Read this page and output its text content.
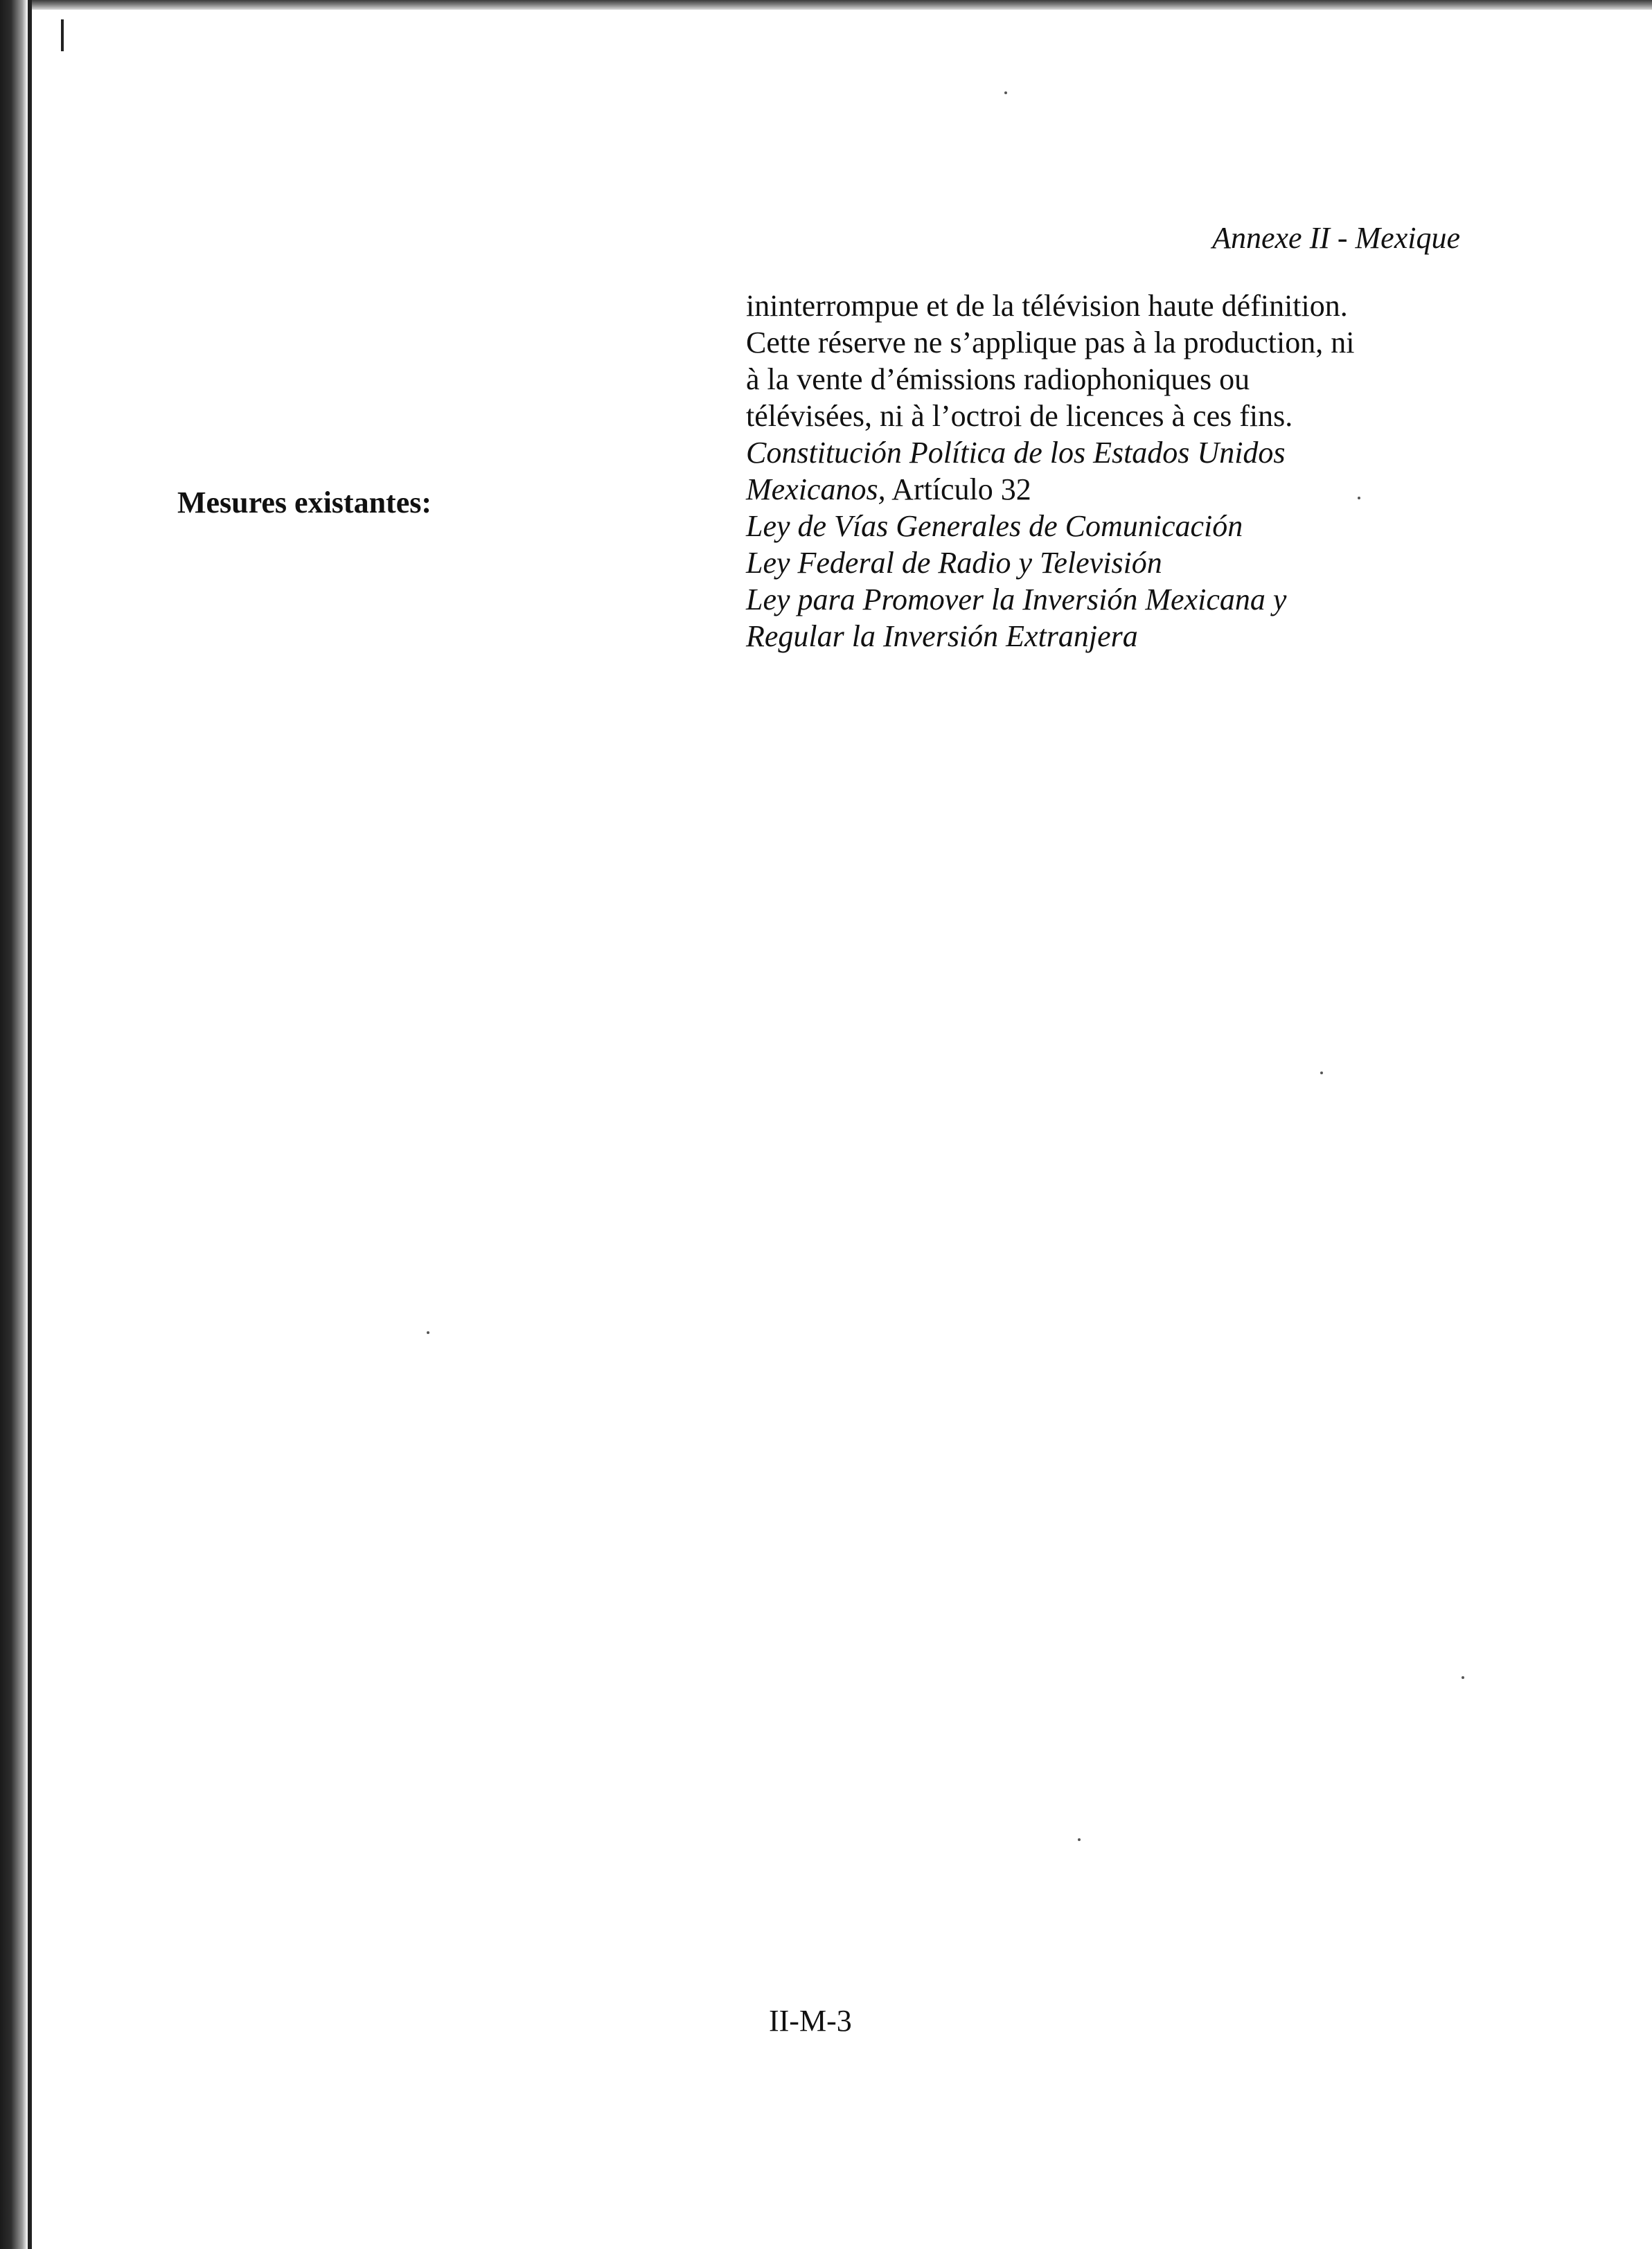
Annexe II - Mexique
Mesures existantes:

ininterrompue et de la télévision haute définition.

Cette réserve ne s’applique pas à la production, ni

à la vente d’émissions radiophoniques ou

télévisées, ni à l’octroi de licences à ces fins.

Constitución Política de los Estados Unidos

Mexicanos, Artículo 32

Ley de Vías Generales de Comunicación

Ley Federal de Radio y Televisión

Ley para Promover la Inversión Mexicana y

Regular la Inversión Extranjera

II-M-3
